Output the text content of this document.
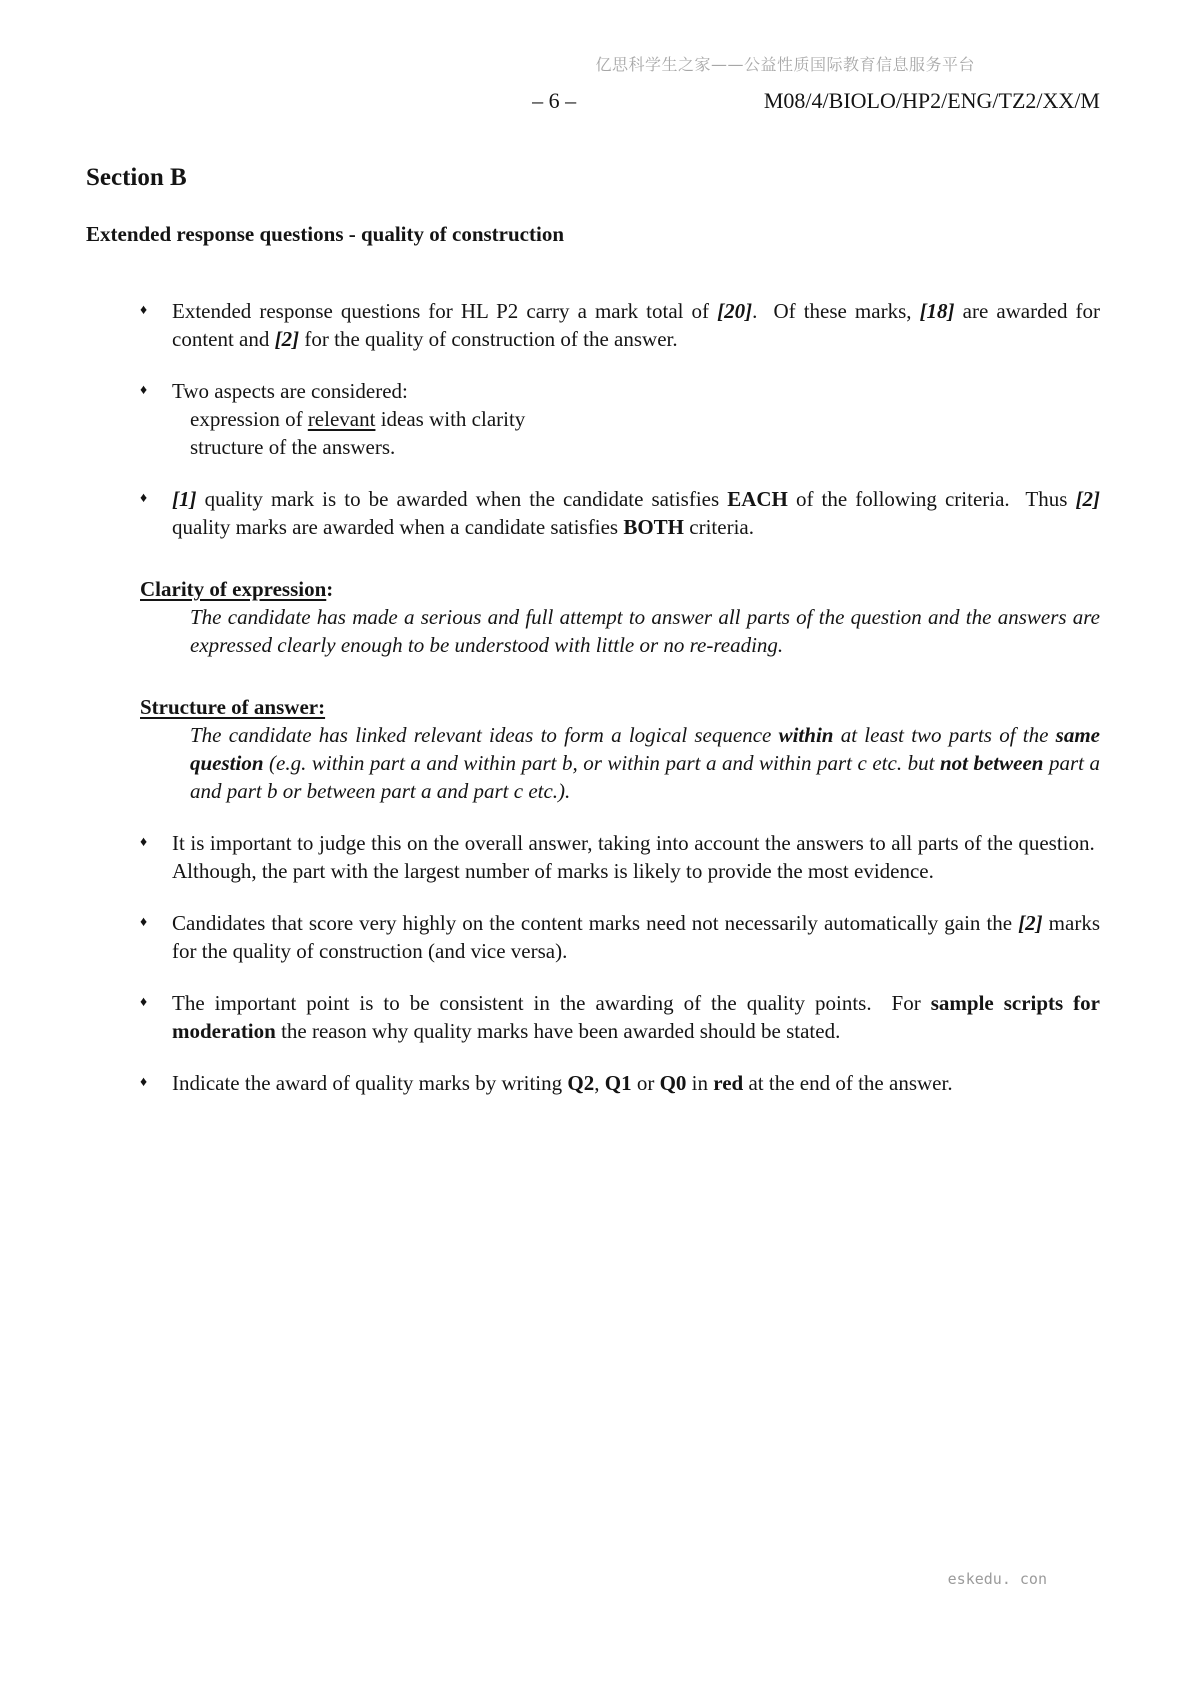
亿思科学生之家——公益性质国际教育信息服务平台
– 6 –	M08/4/BIOLO/HP2/ENG/TZ2/XX/M
Section B
Extended response questions - quality of construction
♦	Extended response questions for HL P2 carry a mark total of [20].  Of these marks, [18] are awarded for content and [2] for the quality of construction of the answer.
♦	Two aspects are considered:
expression of relevant ideas with clarity
structure of the answers.
♦	[1] quality mark is to be awarded when the candidate satisfies EACH of the following criteria.  Thus [2] quality marks are awarded when a candidate satisfies BOTH criteria.
Clarity of expression:
The candidate has made a serious and full attempt to answer all parts of the question and the answers are expressed clearly enough to be understood with little or no re-reading.
Structure of answer:
The candidate has linked relevant ideas to form a logical sequence within at least two parts of the same question (e.g. within part a and within part b, or within part a and within part c etc. but not between part a and part b or between part a and part c etc.).
♦	It is important to judge this on the overall answer, taking into account the answers to all parts of the question.  Although, the part with the largest number of marks is likely to provide the most evidence.
♦	Candidates that score very highly on the content marks need not necessarily automatically gain the [2] marks for the quality of construction (and vice versa).
♦	The important point is to be consistent in the awarding of the quality points.  For sample scripts for moderation the reason why quality marks have been awarded should be stated.
♦	Indicate the award of quality marks by writing Q2, Q1 or Q0 in red at the end of the answer.
eskedu. con
